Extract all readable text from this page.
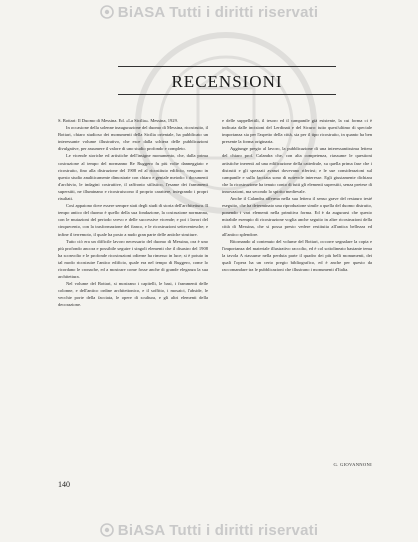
BiASA Tutti i diritti riservati
RECENSIONI

S. Bottari: Il Duomo di Messina. Ed. «La Sicilia». Messina, 1929.

In occasione della solenne inaugurazione del duomo di Messina, ricostruito, il Bottari, chiaro studioso dei monumenti della Sicilia orientale, ha pubblicato un interessante volume illustrativo, che esce dalla schiera delle pubblicazioni divulgative, per assumere il valore di uno studio profondo e completo.

Le vicende storiche ed artistiche dell'insigne monumento, che, dalla prima costruzione al tempo del normanno Re Ruggero fu più volte danneggiato e ricostruito, fino alla distruzione del 1908 ed al ricostituto edificio, vengono in questo studio analiticamente dimostrate con chiaro e geniale metodo: i documenti d'archivio, le indagini costruttive, il raffronto stilistico, l'esame dei frammenti superstiti, ne illuminano e ricostruiscono il proprio carattere, integrando i propri risultati.

Così appaiono dove essere sempre stati degli studi di storia dell'architettura. Il tempo antico del duomo è quello della sua fondazione, la costruzione normanna, con le mutazioni del periodo svevo e delle successive vicende; e poi i lavori del cinquecento, con la trasformazione del fianco, e le ricostruzioni settecentesche; e infine il terremoto, il quale ha posto a nudo gran parte delle antiche strutture.

Tutto ciò era un difficile lavoro necessario del duomo di Messina, ora è uno più profondo ancora e possibile seguire i singoli elementi che il disastro del 1908 ha sconvolto e le profonde ricostruzioni odierne ha rimesso in luce; si è potuto in tal modo ricostruire l'antico edificio, quale era nel tempo di Ruggero, come lo ricordano le cronache, ed a mostrare come fosse anche di grande eleganza la sua architettura.

Nel volume del Bottari, si mostrano i capitelli, le basi, i frammenti delle colonne, e dell'antico ordine architettonico, e il soffitto, i mosaici, l'abside, le vecchie porte della facciata, le opere di scultura, e gli altri elementi della decorazione.

e delle suppellettili, il tesoro ed il campanile già esistente, la cui forma ci è indicata dalle incisioni del Lerdinati e del Sicuro: tutto quest'ultimo di speciale importanza sia per l'aspetto della città, sia per il tipo ricostruito, in quanto ha ben presente la forma originaria.

Aggiunge pregio al lavoro, la pubblicazione di una interessantissima lettera del chiaro prof. Calandra che, con alta competenza, riassume le questioni artistiche inerenti ad una edificazione della cattedrale, su quella prima fase che i distrutti e gli spezzati avanzi dovevano riferirsi; e le sue considerazioni sul campanile e sulla facciata sono di notevole interesse. Egli giustamente dichiara che la ricostruzione ha tenuto conto di tutti gli elementi superstiti, senza pretese di innovazioni, ma secondo lo spirito medievale.

Anche il Calandra afferma nella sua lettera il senso grave del restauro testé eseguito, che ha determinato una riproduzione simile a quella del duomo distrutto, ponendo i vari elementi nella primitiva forma. Ed è da augurarsi che questo mirabile esempio di ricostruzione voglia anche seguito in altre ricostruzioni della città di Messina, che si possa presto vedere restituita all'antica bellezza ed all'antico splendore.

Ritornando al contenuto del volume del Bottari, occorre segnalare la copia e l'importanza del materiale illustrativo raccolto, ed è col sottolineato bastante tema la tavola A riassume nella perduta parte il quadro dei più belli monumenti, dei quali l'opera ha un certo pregio bibliografico, ed è anche per questo da raccomandare tra le pubblicazioni che illustrano i monumenti d'Italia.

G. GIOVANNONI
140
BiASA Tutti i diritti riservati
